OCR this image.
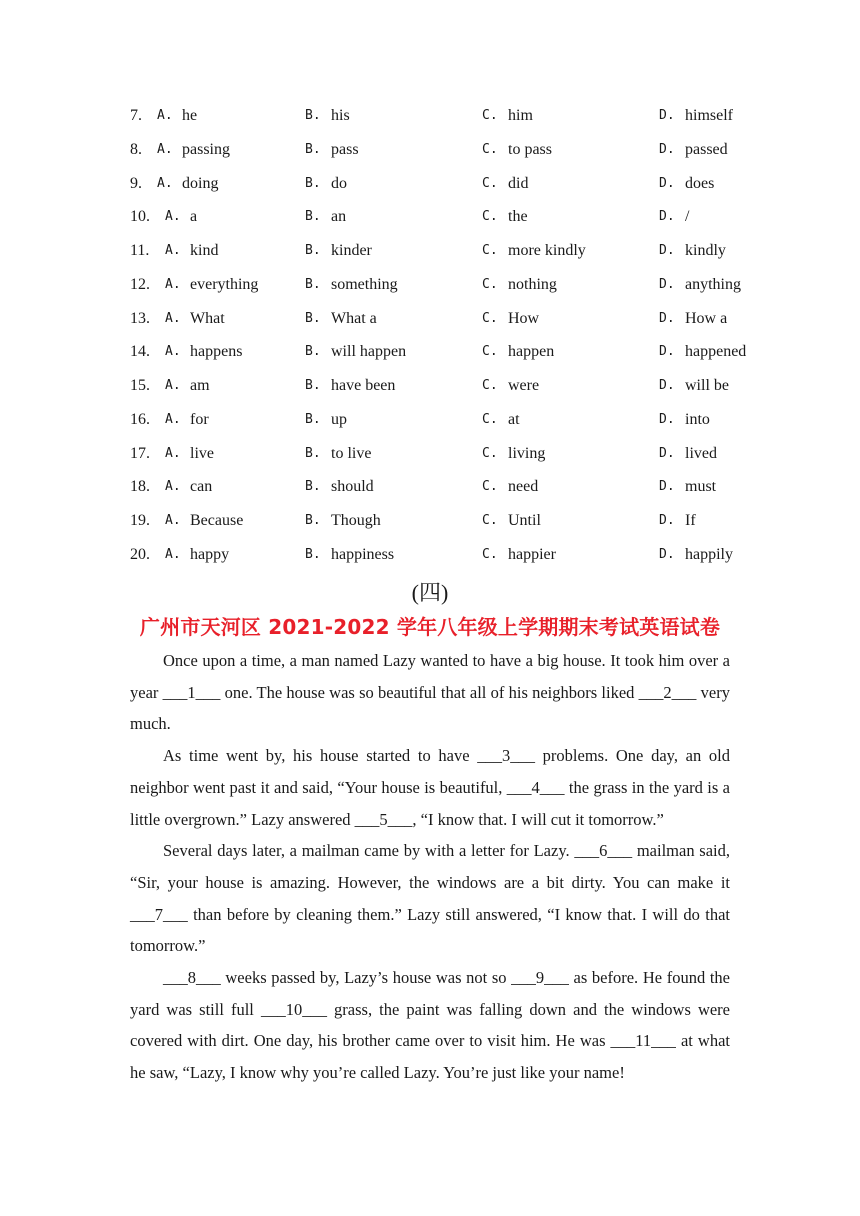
7. A. he	B. his	C. him	D. himself
8. A. passing	B. pass	C. to pass	D. passed
9. A. doing	B. do	C. did	D. does
10. A. a	B. an	C. the	D. /
11. A. kind	B. kinder	C. more kindly	D. kindly
12. A. everything	B. something	C. nothing	D. anything
13. A. What	B. What a	C. How	D. How a
14. A. happens	B. will happen	C. happen	D. happened
15. A. am	B. have been	C. were	D. will be
16. A. for	B. up	C. at	D. into
17. A. live	B. to live	C. living	D. lived
18. A. can	B. should	C. need	D. must
19. A. Because	B. Though	C. Until	D. If
20. A. happy	B. happiness	C. happier	D. happily
(四)
广州市天河区 2021-2022 学年八年级上学期期末考试英语试卷

Once upon a time, a man named Lazy wanted to have a big house. It took him over a year ___1___ one. The house was so beautiful that all of his neighbors liked ___2___ very much.

As time went by, his house started to have ___3___ problems. One day, an old neighbor went past it and said, “Your house is beautiful, ___4___ the grass in the yard is a little overgrown.” Lazy answered ___5___, “I know that. I will cut it tomorrow.”

Several days later, a mailman came by with a letter for Lazy. ___6___ mailman said, “Sir, your house is amazing. However, the windows are a bit dirty. You can make it ___7___ than before by cleaning them.” Lazy still answered, “I know that. I will do that tomorrow.”

___8___ weeks passed by, Lazy’s house was not so ___9___ as before. He found the yard was still full ___10___ grass, the paint was falling down and the windows were covered with dirt. One day, his brother came over to visit him. He was ___11___ at what he saw, “Lazy, I know why you’re called Lazy. You’re just like your name!
